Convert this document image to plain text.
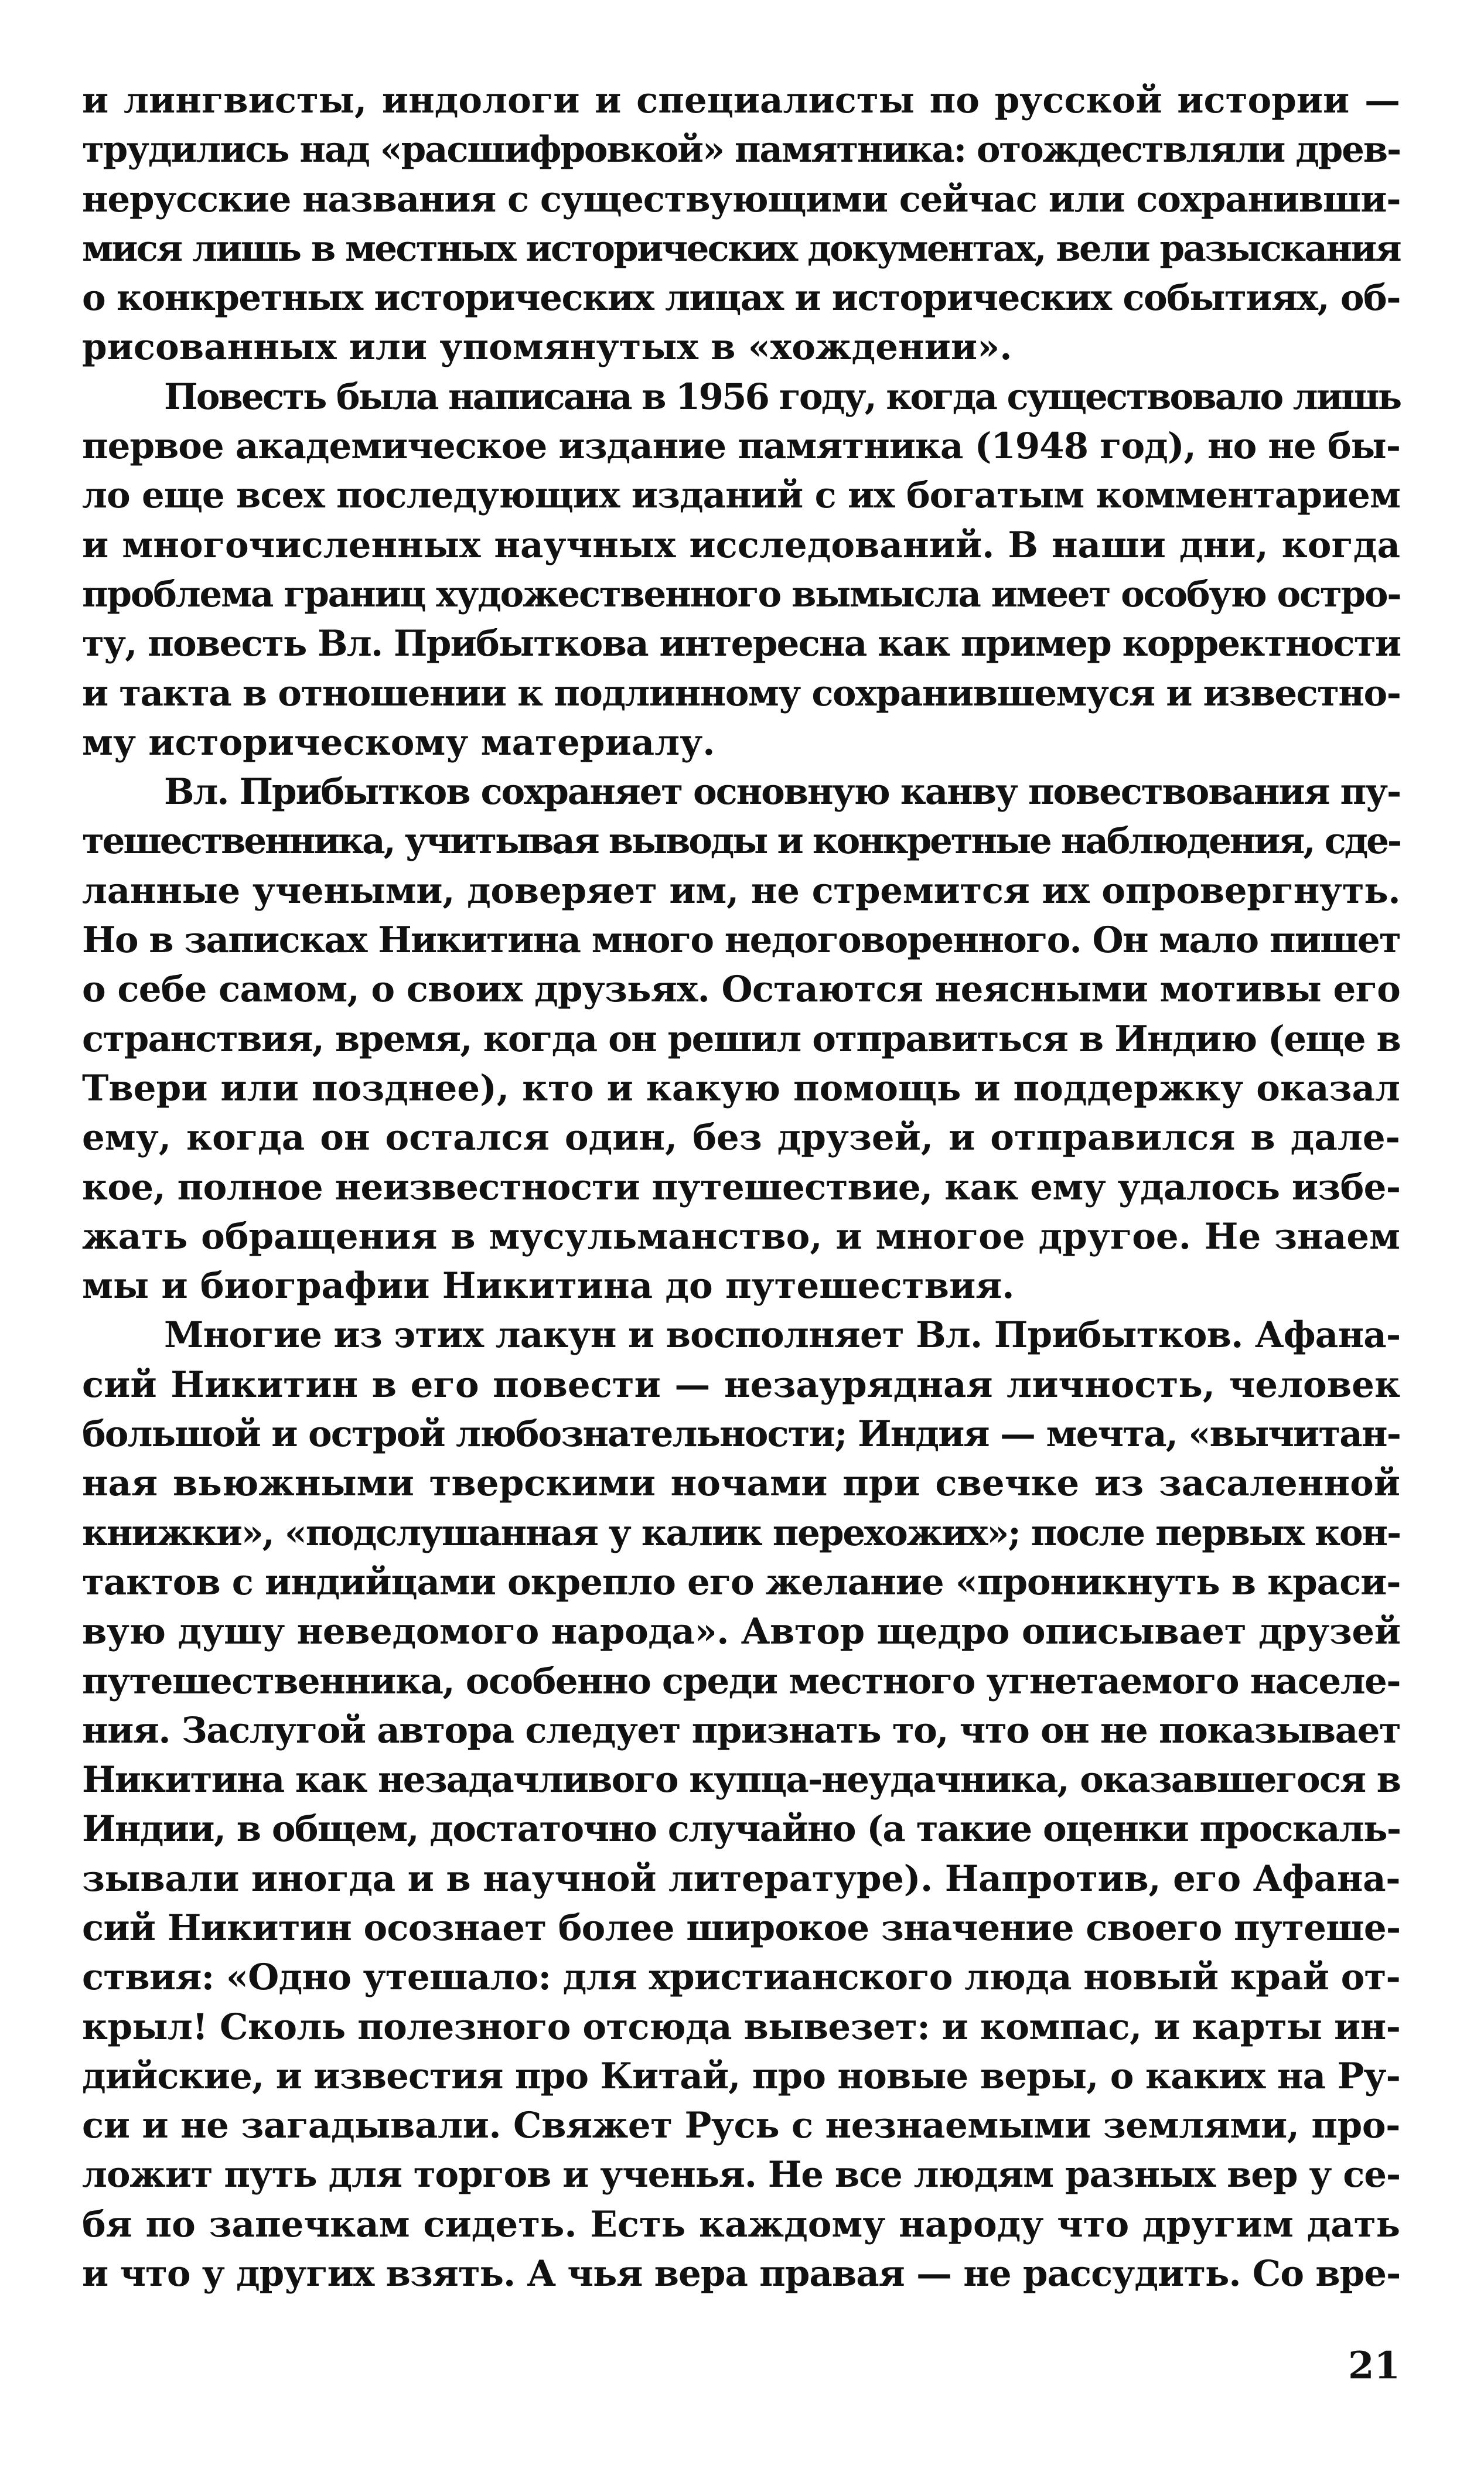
и лингвисты, индологи и специалисты по русской истории —
трудились над «расшифровкой» памятника: отождествляли древ-
нерусские названия с существующими сейчас или сохранивши-
мися лишь в местных исторических документах, вели разыскания
о конкретных исторических лицах и исторических событиях, об-
рисованных или упомянутых в «хождении».
Повесть была написана в 1956 году, когда существовало лишь
первое академическое издание памятника (1948 год), но не бы-
ло еще всех последующих изданий с их богатым комментарием
и многочисленных научных исследований. В наши дни, когда
проблема границ художественного вымысла имеет особую остро-
ту, повесть Вл. Прибыткова интересна как пример корректности
и такта в отношении к подлинному сохранившемуся и известно-
му историческому материалу.
Вл. Прибытков сохраняет основную канву повествования пу-
тешественника, учитывая выводы и конкретные наблюдения, сде-
ланные учеными, доверяет им, не стремится их опровергнуть.
Но в записках Никитина много недоговоренного. Он мало пишет
о себе самом, о своих друзьях. Остаются неясными мотивы его
странствия, время, когда он решил отправиться в Индию (еще в
Твери или позднее), кто и какую помощь и поддержку оказал
ему, когда он остался один, без друзей, и отправился в дале-
кое, полное неизвестности путешествие, как ему удалось избе-
жать обращения в мусульманство, и многое другое. Не знаем
мы и биографии Никитина до путешествия.
Многие из этих лакун и восполняет Вл. Прибытков. Афана-
сий Никитин в его повести — незаурядная личность, человек
большой и острой любознательности; Индия — мечта, «вычитан-
ная вьюжными тверскими ночами при свечке из засаленной
книжки», «подслушанная у калик перехожих»; после первых кон-
тактов с индийцами окрепло его желание «проникнуть в краси-
вую душу неведомого народа». Автор щедро описывает друзей
путешественника, особенно среди местного угнетаемого населе-
ния. Заслугой автора следует признать то, что он не показывает
Никитина как незадачливого купца-неудачника, оказавшегося в
Индии, в общем, достаточно случайно (а такие оценки проскаль-
зывали иногда и в научной литературе). Напротив, его Афана-
сий Никитин осознает более широкое значение своего путеше-
ствия: «Одно утешало: для христианского люда новый край от-
крыл! Сколь полезного отсюда вывезет: и компас, и карты ин-
дийские, и известия про Китай, про новые веры, о каких на Ру-
си и не загадывали. Свяжет Русь с незнаемыми землями, про-
ложит путь для торгов и ученья. Не все людям разных вер у се-
бя по запечкам сидеть. Есть каждому народу что другим дать
и что у других взять. А чья вера правая — не рассудить. Со вре-
21
